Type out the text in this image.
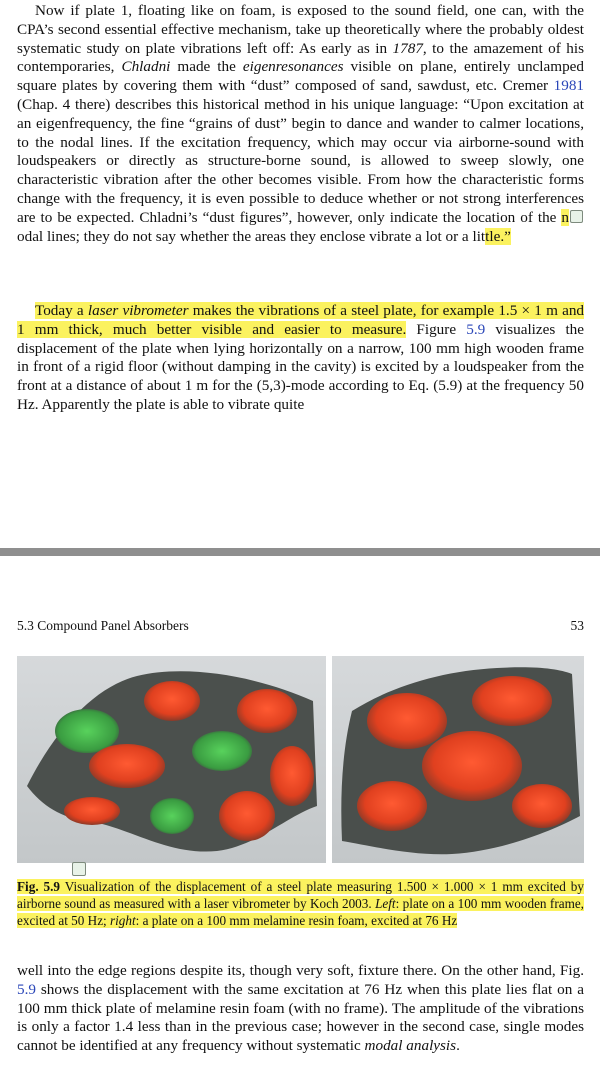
Now if plate 1, floating like on foam, is exposed to the sound field, one can, with the CPA’s second essential effective mechanism, take up theoretically where the probably oldest systematic study on plate vibrations left off: As early as in 1787, to the amazement of his contemporaries, Chladni made the eigenresonances visible on plane, entirely unclamped square plates by covering them with “dust” composed of sand, sawdust, etc. Cremer 1981 (Chap. 4 there) describes this historical method in his unique language: “Upon excitation at an eigenfrequency, the fine “grains of dust” begin to dance and wander to calmer locations, to the nodal lines. If the excitation frequency, which may occur via airborne-sound with loudspeakers or directly as structure-borne sound, is allowed to sweep slowly, one characteristic vibration after the other becomes visible. From how the characteristic forms change with the frequency, it is even possible to deduce whether or not strong interferences are to be expected. Chladni’s “dust figures”, however, only indicate the location of the nodal lines; they do not say whether the areas they enclose vibrate a lot or a little.”
Today a laser vibrometer makes the vibrations of a steel plate, for example 1.5 × 1 m and 1 mm thick, much better visible and easier to measure. Figure 5.9 visualizes the displacement of the plate when lying horizontally on a narrow, 100 mm high wooden frame in front of a rigid floor (without damping in the cavity) is excited by a loudspeaker from the front at a distance of about 1 m for the (5,3)-mode according to Eq. (5.9) at the frequency 50 Hz. Apparently the plate is able to vibrate quite
5.3 Compound Panel Absorbers	53
Fig. 5.9 Visualization of the displacement of a steel plate measuring 1.500 × 1.000 × 1 mm excited by airborne sound as measured with a laser vibrometer by Koch 2003. Left: plate on a 100 mm wooden frame, excited at 50 Hz; right: a plate on a 100 mm melamine resin foam, excited at 76 Hz
well into the edge regions despite its, though very soft, fixture there. On the other hand, Fig. 5.9 shows the displacement with the same excitation at 76 Hz when this plate lies flat on a 100 mm thick plate of melamine resin foam (with no frame). The amplitude of the vibrations is only a factor 1.4 less than in the previous case; however in the second case, single modes cannot be identified at any frequency without systematic modal analysis.
